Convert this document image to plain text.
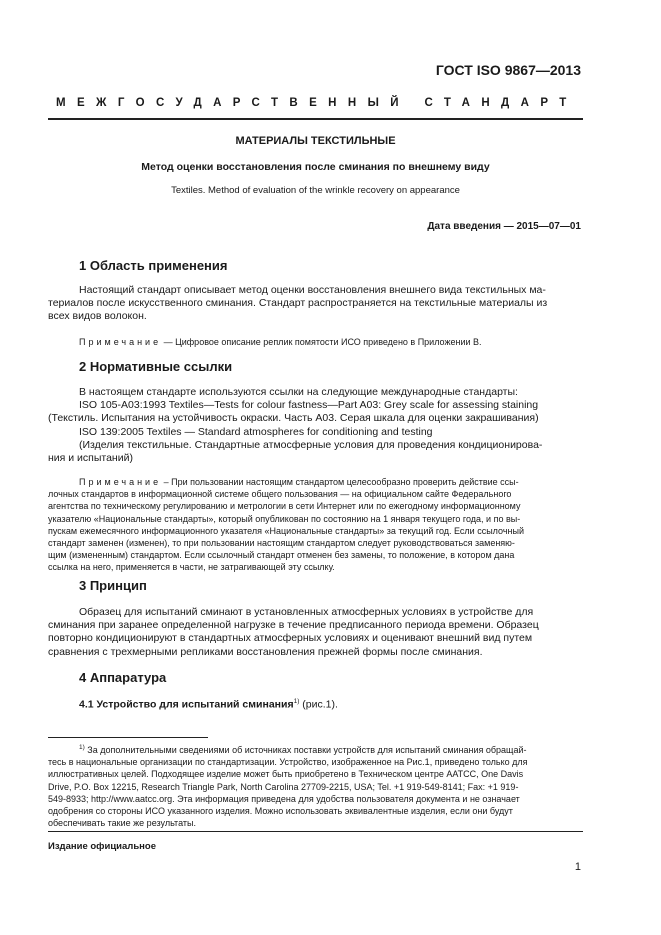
ГОСТ ISO 9867—2013
МЕЖГОСУДАРСТВЕННЫЙ СТАНДАРТ
МАТЕРИАЛЫ ТЕКСТИЛЬНЫЕ
Метод оценки восстановления после сминания по внешнему виду
Textiles. Method of evaluation of the wrinkle recovery on appearance
Дата введения — 2015—07—01
1 Область применения
Настоящий стандарт описывает метод оценки восстановления внешнего вида текстильных ма-
териалов после искусственного сминания. Стандарт распространяется на текстильные материалы из
всех видов волокон.
Примечание — Цифровое описание реплик помятости ИСО приведено в Приложении В.
2 Нормативные ссылки
В настоящем стандарте используются ссылки на следующие международные стандарты:
ISO 105-A03:1993 Textiles—Tests for colour fastness—Part A03: Grey scale for assessing staining
(Текстиль. Испытания на устойчивость окраски. Часть А03. Серая шкала для оценки закрашивания)
ISO 139:2005 Textiles — Standard atmospheres for conditioning and testing
(Изделия текстильные. Стандартные атмосферные условия для проведения кондиционирова-
ния и испытаний)
Примечание – При пользовании настоящим стандартом целесообразно проверить действие ссы-
лочных стандартов в информационной системе общего пользования — на официальном сайте Федерального
агентства по техническому регулированию и метрологии в сети Интернет или по ежегодному информационному
указателю «Национальные стандарты», который опубликован по состоянию на 1 января текущего года, и по вы-
пускам ежемесячного информационного указателя «Национальные стандарты» за текущий год. Если ссылочный
стандарт заменен (изменен), то при пользовании настоящим стандартом следует руководствоваться заменяю-
щим (измененным) стандартом. Если ссылочный стандарт отменен без замены, то положение, в котором дана
ссылка на него, применяется в части, не затрагивающей эту ссылку.
3 Принцип
Образец для испытаний сминают в установленных атмосферных условиях в устройстве для
сминания при заранее определенной нагрузке в течение предписанного периода времени. Образец
повторно кондиционируют в стандартных атмосферных условиях и оценивают внешний вид путем
сравнения с трехмерными репликами восстановления прежней формы после сминания.
4 Аппаратура
4.1 Устройство для испытаний сминания$^{1)}$ (рис.1).
$^{1)}$ За дополнительными сведениями об источниках поставки устройств для испытаний сминания обращай-
тесь в национальные организации по стандартизации. Устройство, изображенное на Рис.1, приведено только для
иллюстративных целей. Подходящее изделие может быть приобретено в Техническом центре AATCC, One Davis
Drive, P.O. Box 12215, Research Triangle Park, North Carolina 27709-2215, USA; Tel. +1 919-549-8141; Fax: +1 919-
549-8933; http://www.aatcc.org. Эта информация приведена для удобства пользователя документа и не означает
одобрения со стороны ИСО указанного изделия. Можно использовать эквивалентные изделия, если они будут
обеспечивать такие же результаты.
Издание официальное
1
